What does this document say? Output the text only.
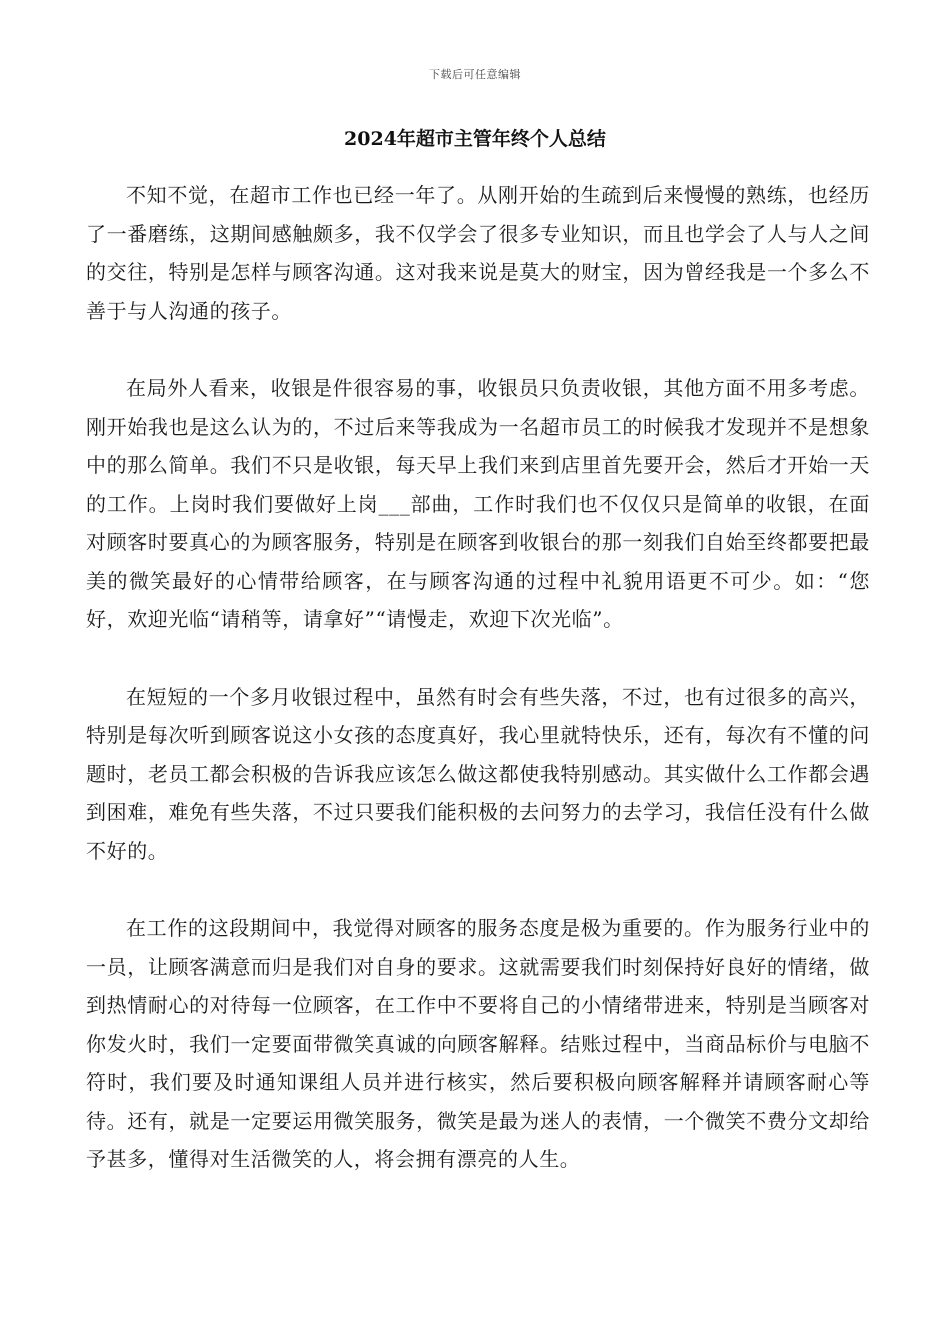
下载后可任意编辑
2024年超市主管年终个人总结

不知不觉，在超市工作也已经一年了。从刚开始的生疏到后来慢慢的熟练，也经历了一番磨练，这期间感触颇多，我不仅学会了很多专业知识，而且也学会了人与人之间的交往，特别是怎样与顾客沟通。这对我来说是莫大的财宝，因为曾经我是一个多么不善于与人沟通的孩子。

在局外人看来，收银是件很容易的事，收银员只负责收银，其他方面不用多考虑。刚开始我也是这么认为的，不过后来等我成为一名超市员工的时候我才发现并不是想象中的那么简单。我们不只是收银，每天早上我们来到店里首先要开会，然后才开始一天的工作。上岗时我们要做好上岗___部曲，工作时我们也不仅仅只是简单的收银，在面对顾客时要真心的为顾客服务，特别是在顾客到收银台的那一刻我们自始至终都要把最美的微笑最好的心情带给顾客，在与顾客沟通的过程中礼貌用语更不可少。如：“您好，欢迎光临“请稍等，请拿好”“请慢走，欢迎下次光临”。

在短短的一个多月收银过程中，虽然有时会有些失落，不过，也有过很多的高兴，特别是每次听到顾客说这小女孩的态度真好，我心里就特快乐，还有，每次有不懂的问题时，老员工都会积极的告诉我应该怎么做这都使我特别感动。其实做什么工作都会遇到困难，难免有些失落，不过只要我们能积极的去问努力的去学习，我信任没有什么做不好的。

在工作的这段期间中，我觉得对顾客的服务态度是极为重要的。作为服务行业中的一员，让顾客满意而归是我们对自身的要求。这就需要我们时刻保持好良好的情绪，做到热情耐心的对待每一位顾客，在工作中不要将自己的小情绪带进来，特别是当顾客对你发火时，我们一定要面带微笑真诚的向顾客解释。结账过程中，当商品标价与电脑不符时，我们要及时通知课组人员并进行核实，然后要积极向顾客解释并请顾客耐心等待。还有，就是一定要运用微笑服务，微笑是最为迷人的表情，一个微笑不费分文却给予甚多，懂得对生活微笑的人，将会拥有漂亮的人生。
